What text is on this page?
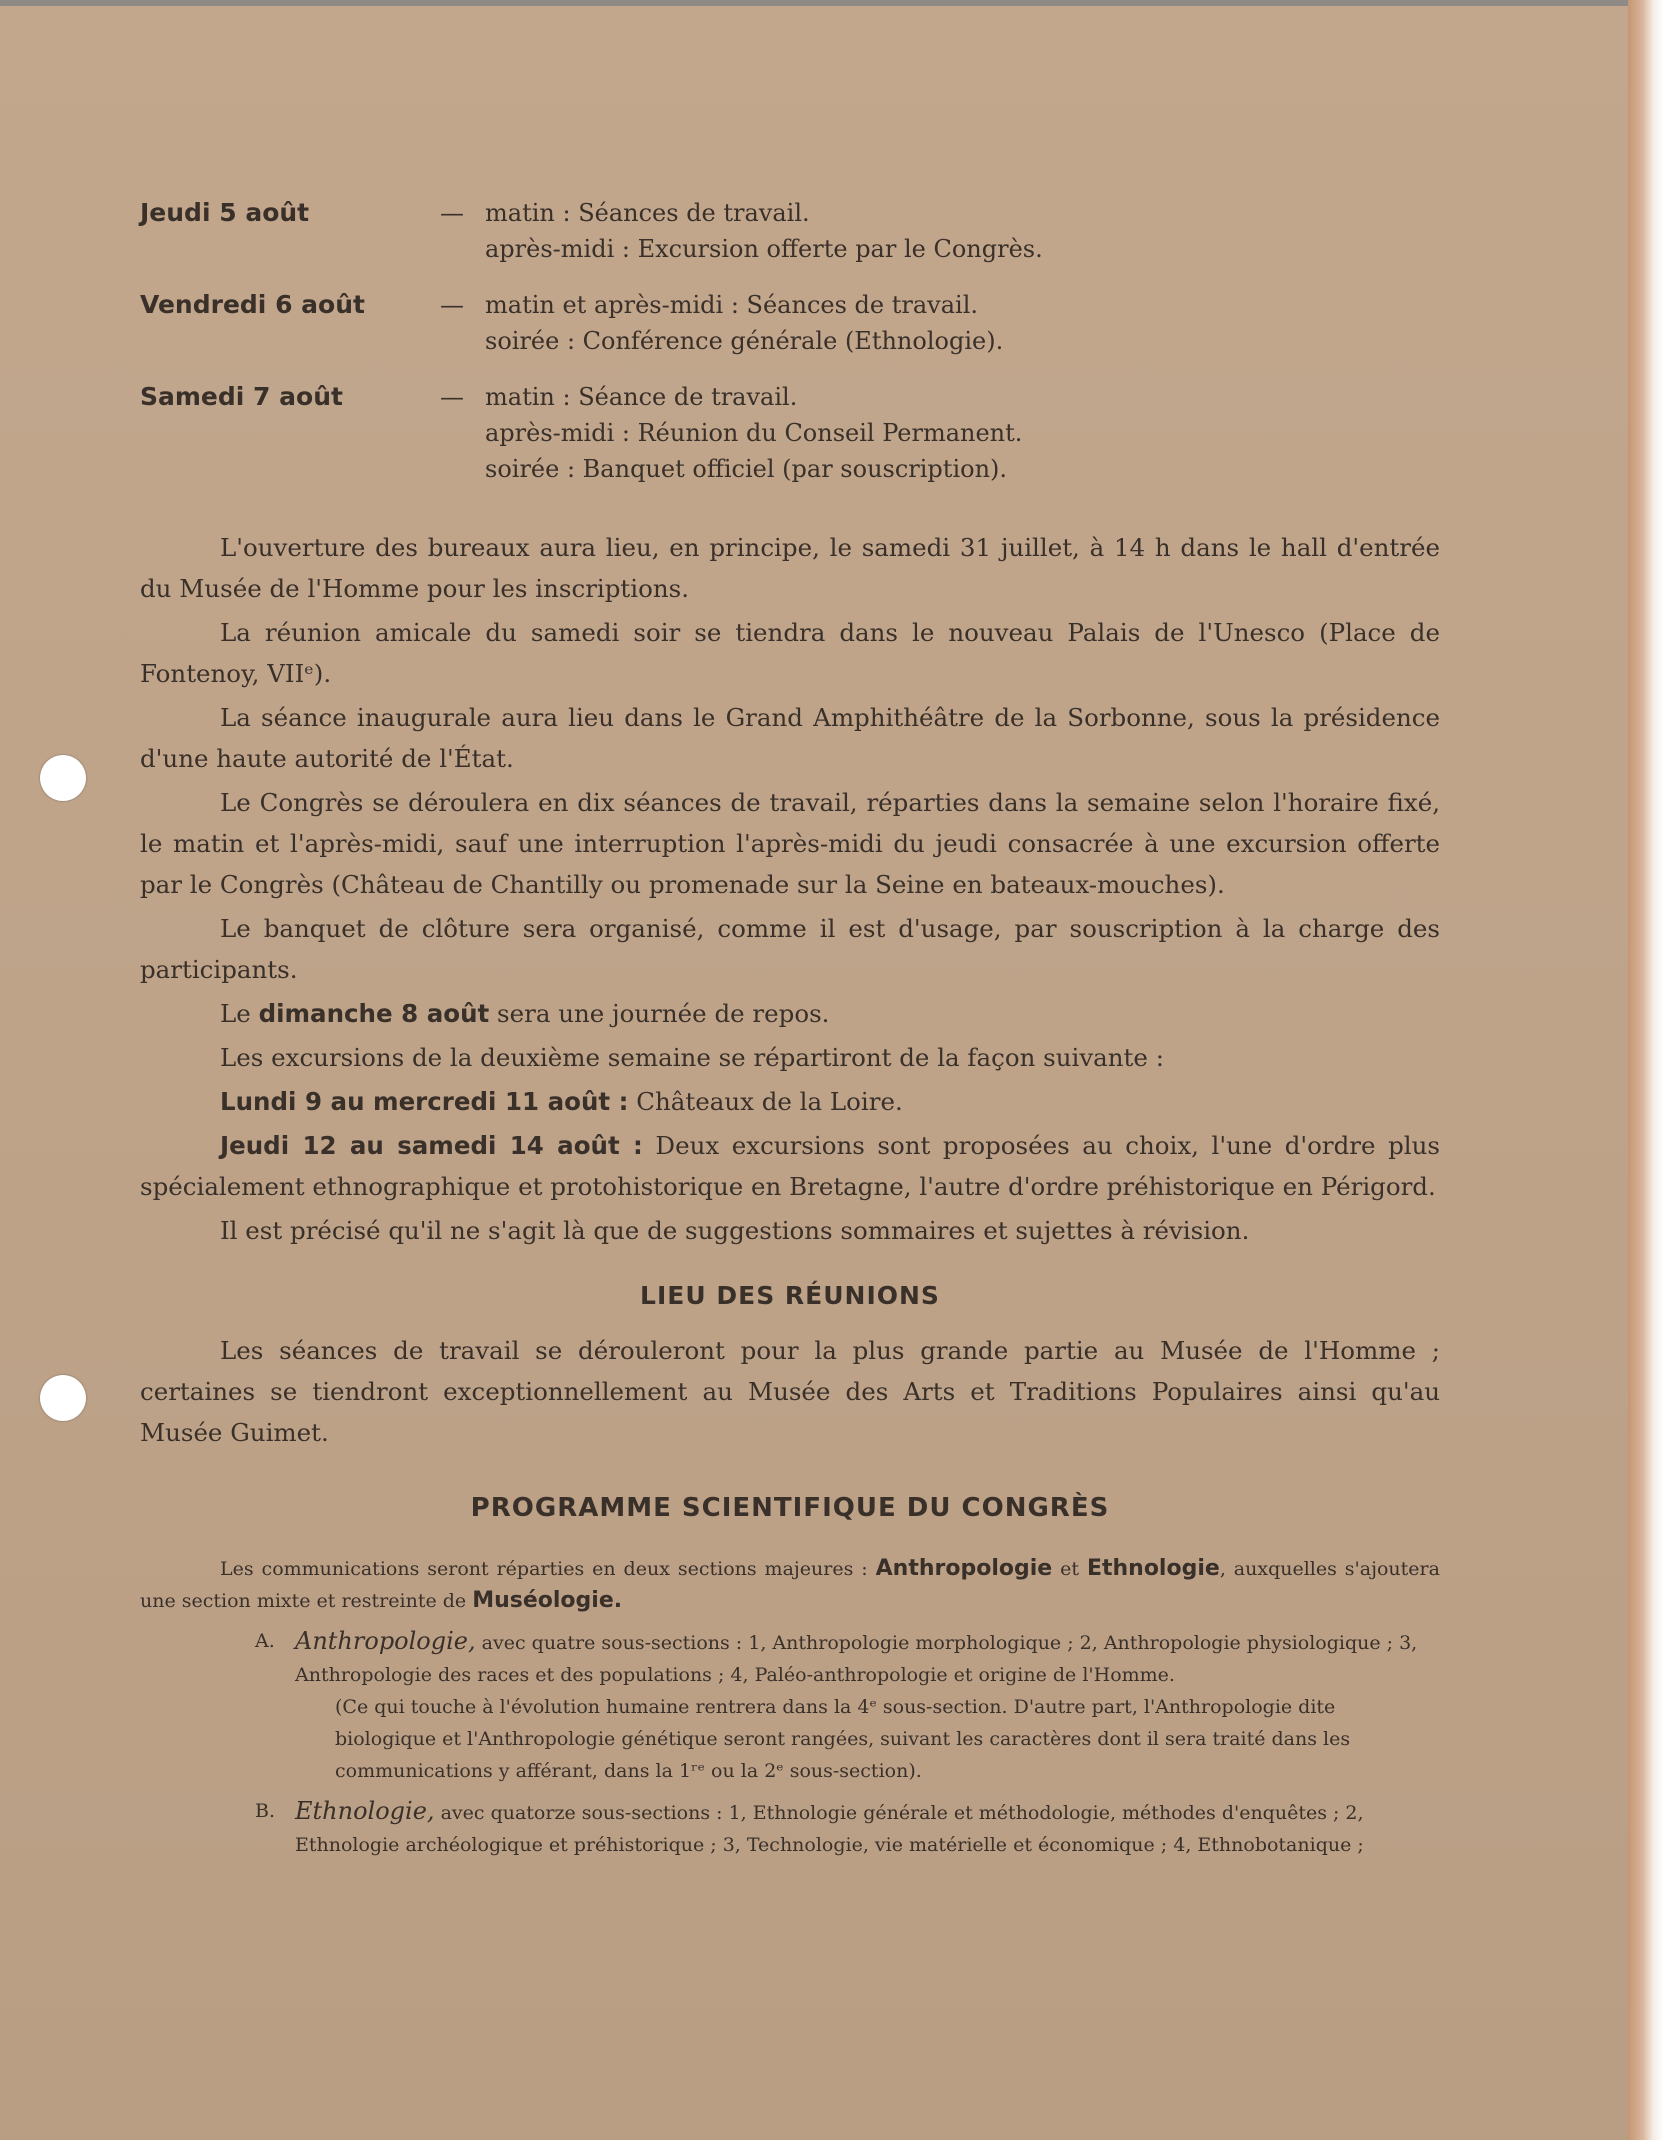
Jeudi 5 août	— matin : Séances de travail.
après-midi : Excursion offerte par le Congrès.
Vendredi 6 août	— matin et après-midi : Séances de travail.
soirée : Conférence générale (Ethnologie).
Samedi 7 août	— matin : Séance de travail.
après-midi : Réunion du Conseil Permanent.
soirée : Banquet officiel (par souscription).

L'ouverture des bureaux aura lieu, en principe, le samedi 31 juillet, à 14 h dans le hall d'entrée du Musée de l'Homme pour les inscriptions.

La réunion amicale du samedi soir se tiendra dans le nouveau Palais de l'Unesco (Place de Fontenoy, VIIᵉ).

La séance inaugurale aura lieu dans le Grand Amphithéâtre de la Sorbonne, sous la présidence d'une haute autorité de l'État.

Le Congrès se déroulera en dix séances de travail, réparties dans la semaine selon l'horaire fixé, le matin et l'après-midi, sauf une interruption l'après-midi du jeudi consacrée à une excursion offerte par le Congrès (Château de Chantilly ou promenade sur la Seine en bateaux-mouches).

Le banquet de clôture sera organisé, comme il est d'usage, par souscription à la charge des participants.

Le dimanche 8 août sera une journée de repos.

Les excursions de la deuxième semaine se répartiront de la façon suivante :

Lundi 9 au mercredi 11 août : Châteaux de la Loire.

Jeudi 12 au samedi 14 août : Deux excursions sont proposées au choix, l'une d'ordre plus spécialement ethnographique et protohistorique en Bretagne, l'autre d'ordre préhistorique en Périgord.

Il est précisé qu'il ne s'agit là que de suggestions sommaires et sujettes à révision.

LIEU DES RÉUNIONS

Les séances de travail se dérouleront pour la plus grande partie au Musée de l'Homme ; certaines se tiendront exceptionnellement au Musée des Arts et Traditions Populaires ainsi qu'au Musée Guimet.

PROGRAMME SCIENTIFIQUE DU CONGRÈS
Les communications seront réparties en deux sections majeures : Anthropologie et Ethnologie, auxquelles s'ajoutera une section mixte et restreinte de Muséologie.
A. Anthropologie, avec quatre sous-sections : 1, Anthropologie morphologique ; 2, Anthropologie physiologique ; 3, Anthropologie des races et des populations ; 4, Paléo-anthropologie et origine de l'Homme.
(Ce qui touche à l'évolution humaine rentrera dans la 4ᵉ sous-section. D'autre part, l'Anthropologie dite biologique et l'Anthropologie génétique seront rangées, suivant les caractères dont il sera traité dans les communications y afférant, dans la 1ʳᵉ ou la 2ᵉ sous-section).
B. Ethnologie, avec quatorze sous-sections : 1, Ethnologie générale et méthodologie, méthodes d'enquêtes ; 2, Ethnologie archéologique et préhistorique ; 3, Technologie, vie matérielle et économique ; 4, Ethnobotanique ;
